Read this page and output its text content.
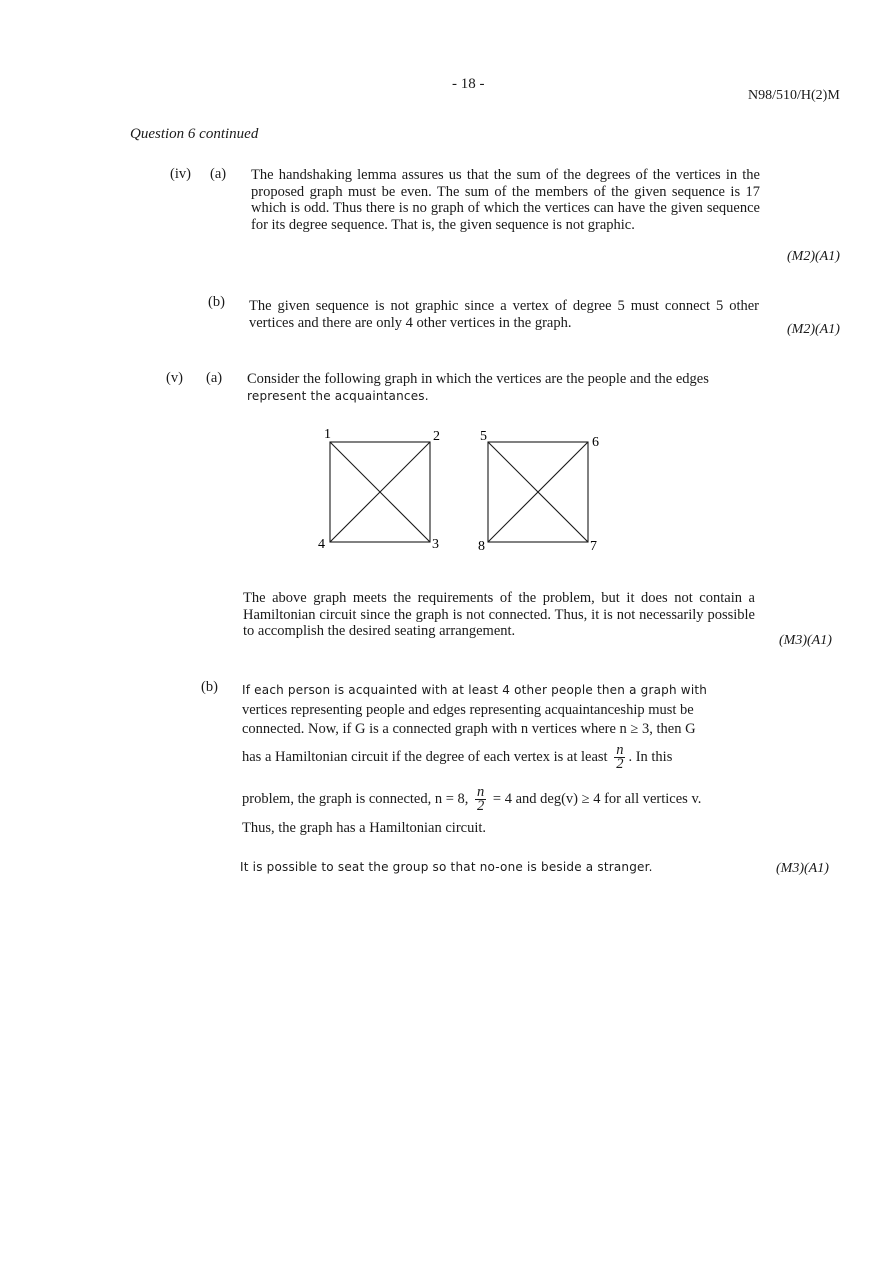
- 18 -
N98/510/H(2)M
Question 6 continued
(iv) (a) The handshaking lemma assures us that the sum of the degrees of the vertices in the proposed graph must be even. The sum of the members of the given sequence is 17 which is odd. Thus there is no graph of which the vertices can have the given sequence for its degree sequence. That is, the given sequence is not graphic.
(M2)(A1)
(b) The given sequence is not graphic since a vertex of degree 5 must connect 5 other vertices and there are only 4 other vertices in the graph.	(M2)(A1)
(v) (a) Consider the following graph in which the vertices are the people and the edges
represent the acquaintances.
1	2
3
4
5	6
7
8
The above graph meets the requirements of the problem, but it does not contain a Hamiltonian circuit since the graph is not connected. Thus, it is not necessarily possible to accomplish the desired seating arrangement.
(M3)(A1)
(b) If each person is acquainted with at least 4 other people then a graph with
vertices representing people and edges representing acquaintanceship must be
connected. Now, if G is a connected graph with n vertices where n ≥ 3, then G
has a Hamiltonian circuit if the degree of each vertex is at least $\frac{n}{2}$ . In this
problem, the graph is connected, n = 8, $\frac{n}{2} = 4$ and deg(v) ≥ 4 for all vertices v.
Thus, the graph has a Hamiltonian circuit.
It is possible to seat the group so that no-one is beside a stranger.	(M3)(A1)
